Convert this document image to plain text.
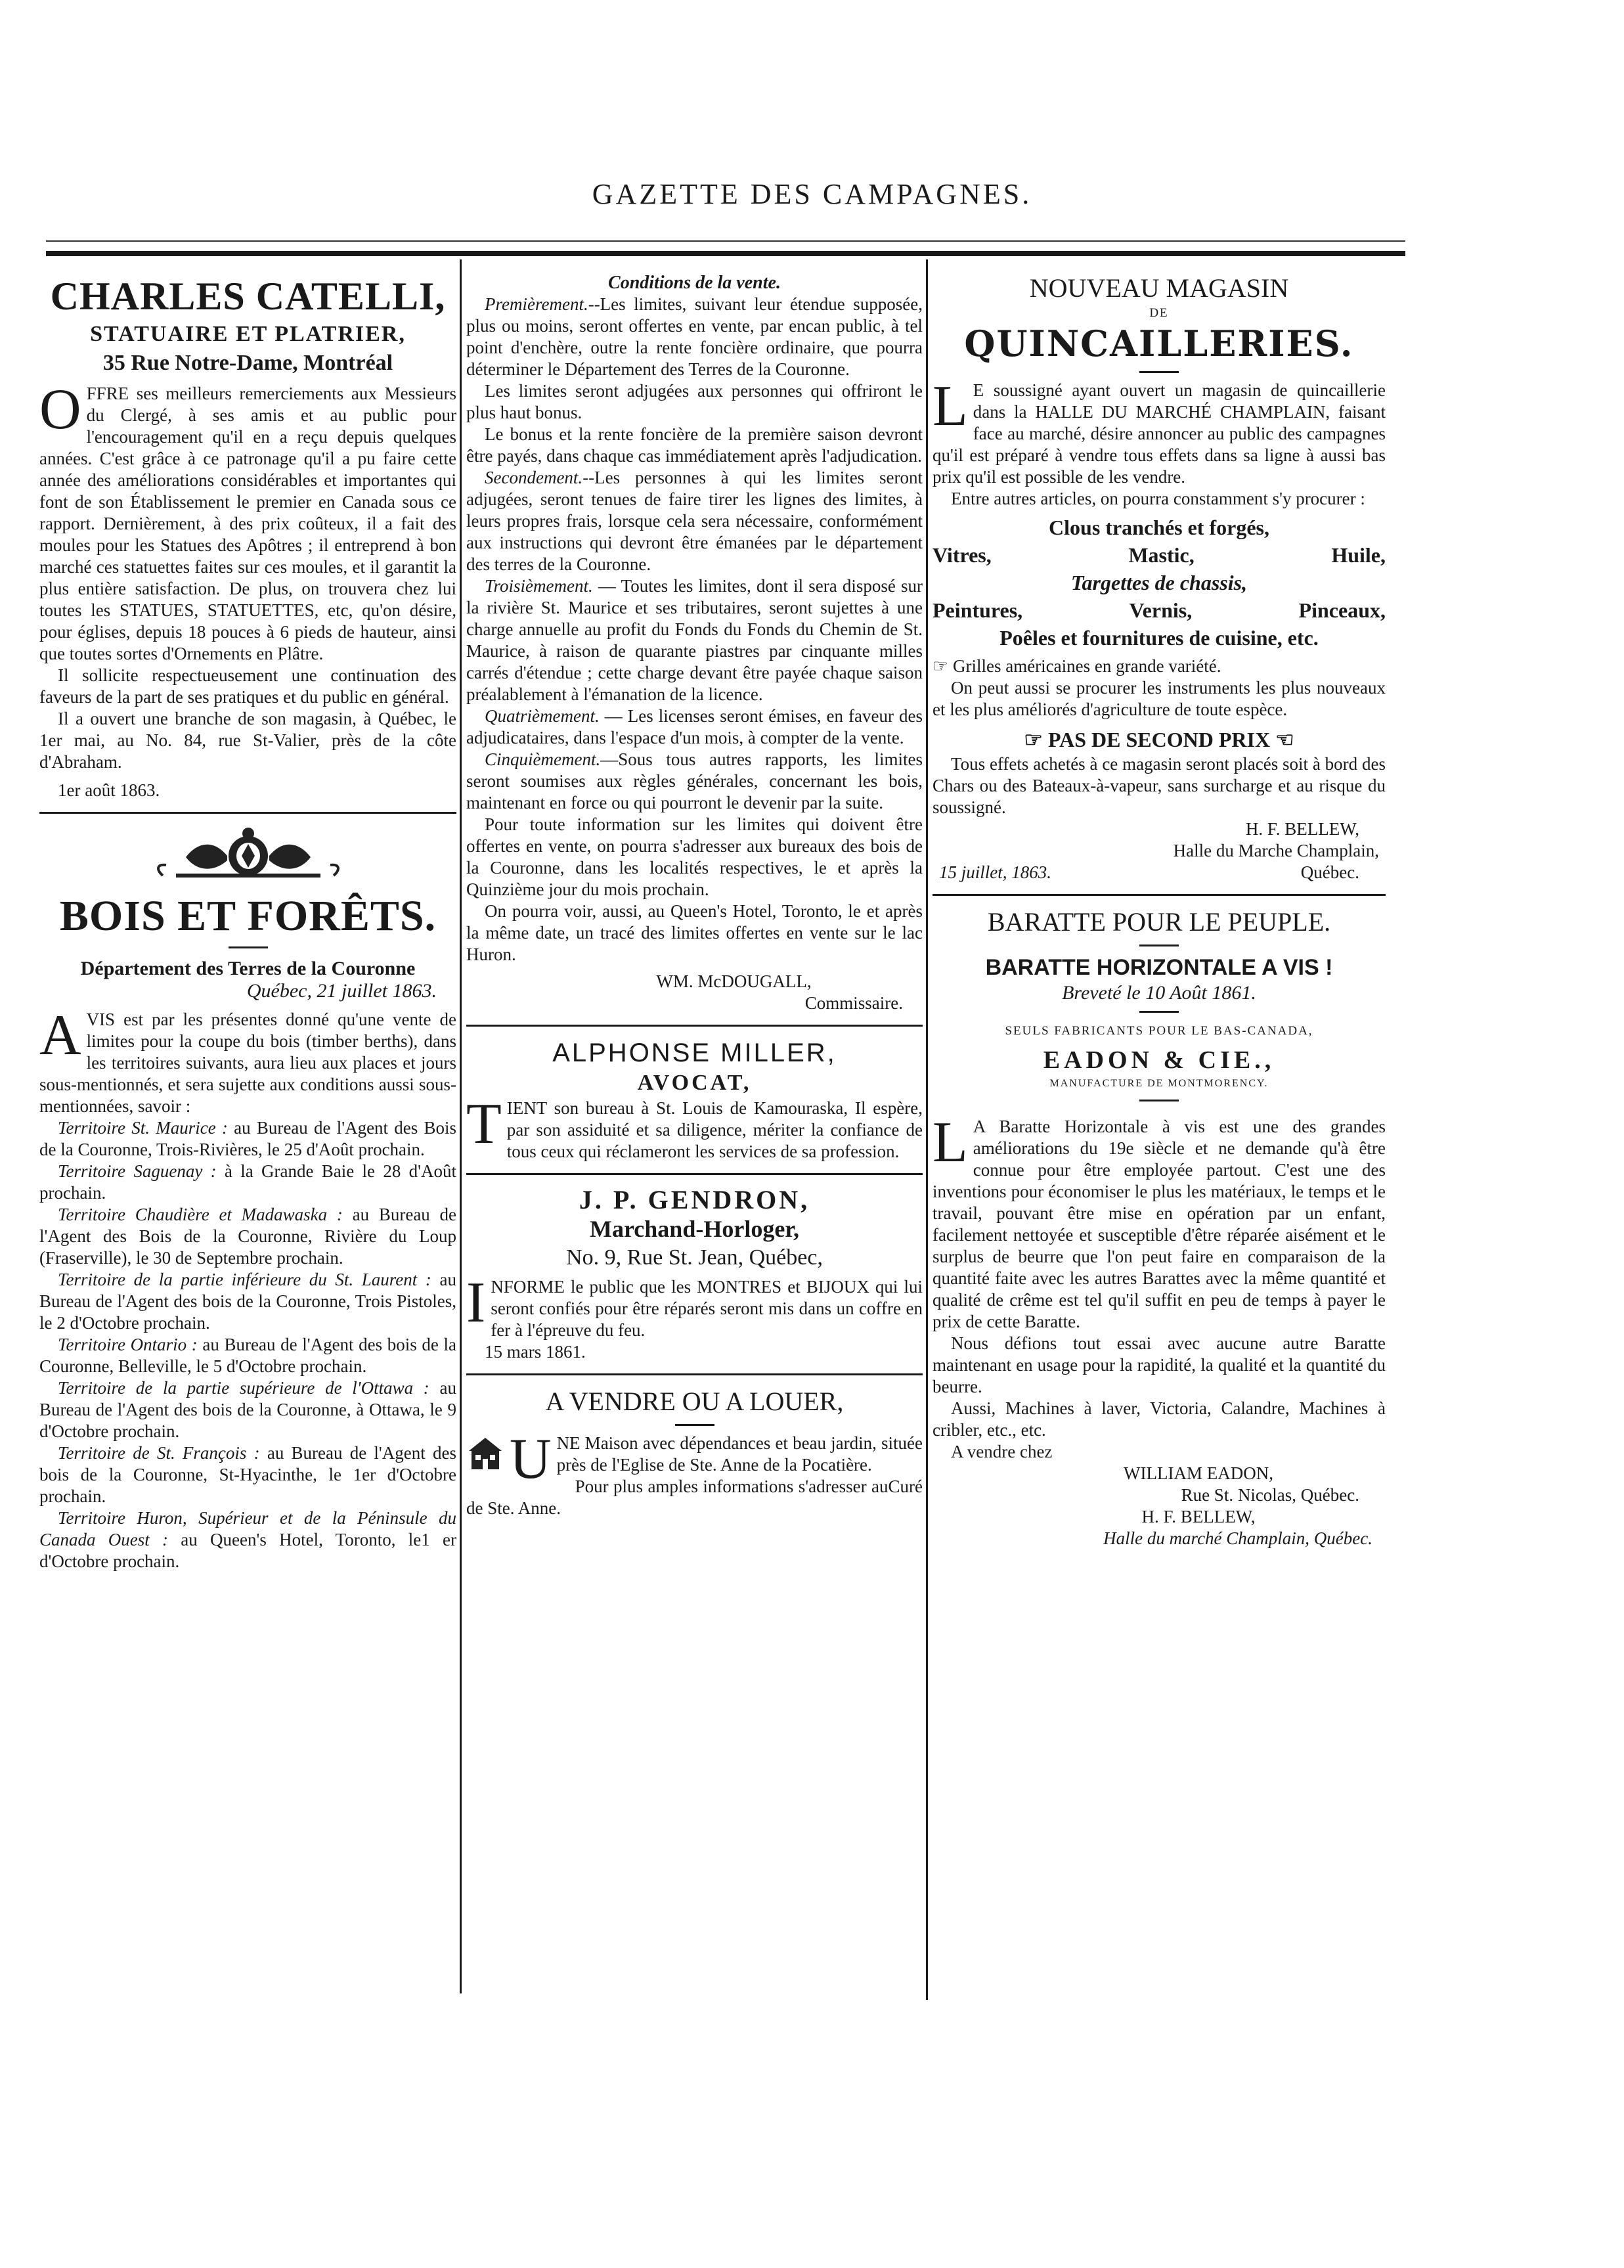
GAZETTE DES CAMPAGNES.
CHARLES CATELLI,
STATUAIRE ET PLATRIER,
35 Rue Notre-Dame, Montréal

OFFRE ses meilleurs remerciements aux Messieurs du Clergé, à ses amis et au public pour l'encouragement qu'il en a reçu depuis quelques années. C'est grâce à ce patronage qu'il a pu faire cette année des améliorations considérables et importantes qui font de son Établissement le premier en Canada sous ce rapport. Dernièrement, à des prix coûteux, il a fait des moules pour les Statues des Apôtres ; il entreprend à bon marché ces statuettes faites sur ces moules, et il garantit la plus entière satisfaction. De plus, on trouvera chez lui toutes les STATUES, STATUETTES, etc, qu'on désire, pour églises, depuis 18 pouces à 6 pieds de hauteur, ainsi que toutes sortes d'Ornements en Plâtre.

Il sollicite respectueusement une continuation des faveurs de la part de ses pratiques et du public en général.

Il a ouvert une branche de son magasin, à Québec, le 1er mai, au No. 84, rue St-Valier, près de la côte d'Abraham.

1er août 1863.

BOIS ET FORÊTS.
Département des Terres de la Couronne
Québec, 21 juillet 1863.

AVIS est par les présentes donné qu'une vente de limites pour la coupe du bois (timber berths), dans les territoires suivants, aura lieu aux places et jours sous-mentionnés, et sera sujette aux conditions aussi sous-mentionnées, savoir :

Territoire St. Maurice : au Bureau de l'Agent des Bois de la Couronne, Trois-Rivières, le 25 d'Août prochain.

Territoire Saguenay : à la Grande Baie le 28 d'Août prochain.

Territoire Chaudière et Madawaska : au Bureau de l'Agent des Bois de la Couronne, Rivière du Loup (Fraserville), le 30 de Septembre prochain.

Territoire de la partie inférieure du St. Laurent : au Bureau de l'Agent des bois de la Couronne, Trois Pistoles, le 2 d'Octobre prochain.

Territoire Ontario : au Bureau de l'Agent des bois de la Couronne, Belleville, le 5 d'Octobre prochain.

Territoire de la partie supérieure de l'Ottawa : au Bureau de l'Agent des bois de la Couronne, à Ottawa, le 9 d'Octobre prochain.

Territoire de St. François : au Bureau de l'Agent des bois de la Couronne, St-Hyacinthe, le 1er d'Octobre prochain.

Territoire Huron, Supérieur et de la Péninsule du Canada Ouest : au Queen's Hotel, Toronto, le1 er d'Octobre prochain.

Conditions de la vente.

Premièrement.--Les limites, suivant leur étendue supposée, plus ou moins, seront offertes en vente, par encan public, à tel point d'enchère, outre la rente foncière ordinaire, que pourra déterminer le Département des Terres de la Couronne.

Les limites seront adjugées aux personnes qui offriront le plus haut bonus.

Le bonus et la rente foncière de la première saison devront être payés, dans chaque cas immédiatement après l'adjudication.

Secondement.--Les personnes à qui les limites seront adjugées, seront tenues de faire tirer les lignes des limites, à leurs propres frais, lorsque cela sera nécessaire, conformément aux instructions qui devront être émanées par le département des terres de la Couronne.

Troisièmement. — Toutes les limites, dont il sera disposé sur la rivière St. Maurice et ses tributaires, seront sujettes à une charge annuelle au profit du Fonds du Fonds du Chemin de St. Maurice, à raison de quarante piastres par cinquante milles carrés d'étendue ; cette charge devant être payée chaque saison préalablement à l'émanation de la licence.

Quatrièmement. — Les licenses seront émises, en faveur des adjudicataires, dans l'espace d'un mois, à compter de la vente.

Cinquièmement.—Sous tous autres rapports, les limites seront soumises aux règles générales, concernant les bois, maintenant en force ou qui pourront le devenir par la suite.

Pour toute information sur les limites qui doivent être offertes en vente, on pourra s'adresser aux bureaux des bois de la Couronne, dans les localités respectives, le et après la Quinzième jour du mois prochain.

On pourra voir, aussi, au Queen's Hotel, Toronto, le et après la même date, un tracé des limites offertes en vente sur le lac Huron.

WM. McDOUGALL,

Commissaire.

ALPHONSE MILLER,
AVOCAT,

TIENT son bureau à St. Louis de Kamouraska, Il espère, par son assiduité et sa diligence, mériter la confiance de tous ceux qui réclameront les services de sa profession.

J. P. GENDRON,
Marchand-Horloger,
No. 9, Rue St. Jean, Québec,

INFORME le public que les MONTRES et BIJOUX qui lui seront confiés pour être réparés seront mis dans un coffre en fer à l'épreuve du feu.

15 mars 1861.

A VENDRE OU A LOUER,

UNE Maison avec dépendances et beau jardin, située près de l'Eglise de Ste. Anne de la Pocatière.

Pour plus amples informations s'adresser auCuré de Ste. Anne.

NOUVEAU MAGASIN
DE
QUINCAILLERIES.

L E soussigné ayant ouvert un magasin de quincaillerie dans la HALLE DU MARCHÉ CHAMPLAIN, faisant face au marché, désire annoncer au public des campagnes qu'il est préparé à vendre tous effets dans sa ligne à aussi bas prix qu'il est possible de les vendre.

Entre autres articles, on pourra constamment s'y procurer :

Clous tranchés et forgés,
Vitres,	Mastic,	Huile,
Targettes de chassis,
Peintures,	Vernis,	Pinceaux,
Poêles et fournitures de cuisine, etc.

☞ Grilles américaines en grande variété.

On peut aussi se procurer les instruments les plus nouveaux et les plus améliorés d'agriculture de toute espèce.

☞ PAS DE SECOND PRIX ☜

Tous effets achetés à ce magasin seront placés soit à bord des Chars ou des Bateaux-à-vapeur, sans surcharge et au risque du soussigné.

H. F. BELLEW,

Halle du Marche Champlain,

15 juillet, 1863.	Québec.
BARATTE POUR LE PEUPLE.
BARATTE HORIZONTALE A VIS !
Breveté le 10 Août 1861.
SEULS FABRICANTS POUR LE BAS-CANADA,
EADON & CIE.,
MANUFACTURE DE MONTMORENCY.

L A Baratte Horizontale à vis est une des grandes améliorations du 19e siècle et ne demande qu'à être connue pour être employée partout. C'est une des inventions pour économiser le plus les matériaux, le temps et le travail, pouvant être mise en opération par un enfant, facilement nettoyée et susceptible d'être réparée aisément et le surplus de beurre que l'on peut faire en comparaison de la quantité faite avec les autres Barattes avec la même quantité et qualité de crême est tel qu'il suffit en peu de temps à payer le prix de cette Baratte.

Nous défions tout essai avec aucune autre Baratte maintenant en usage pour la rapidité, la qualité et la quantité du beurre.

Aussi, Machines à laver, Victoria, Calandre, Machines à cribler, etc., etc.

A vendre chez

WILLIAM EADON,

Rue St. Nicolas, Québec.

H. F. BELLEW,

Halle du marché Champlain, Québec.
